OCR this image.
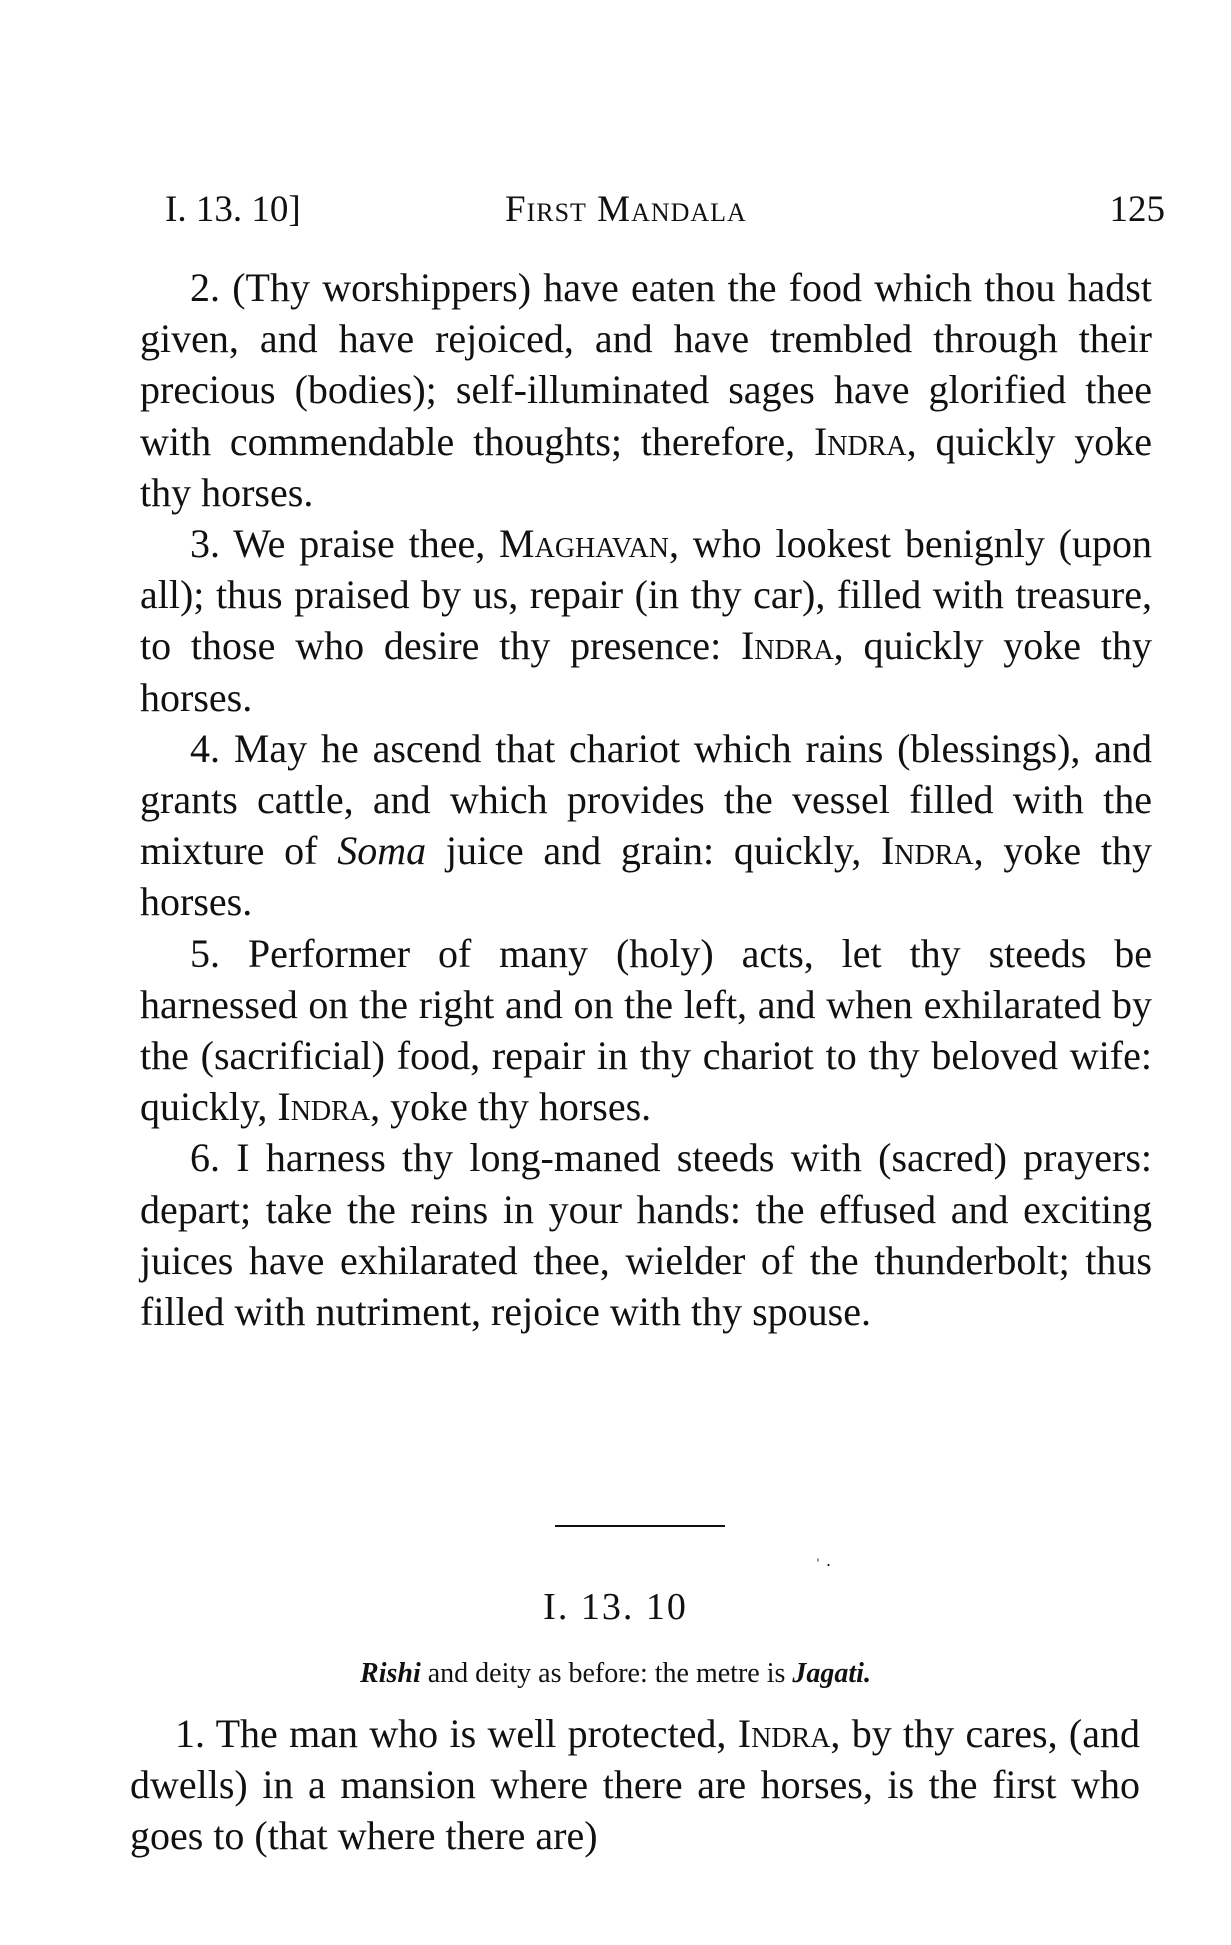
I. 13. 10]	First Mandala	125

2. (Thy worshippers) have eaten the food which thou hadst given, and have rejoiced, and have trembled through their precious (bodies); self-illuminated sages have glorified thee with commendable thoughts; therefore, Indra, quickly yoke thy horses.

3. We praise thee, Maghavan, who lookest benignly (upon all); thus praised by us, repair (in thy car), filled with treasure, to those who desire thy presence: Indra, quickly yoke thy horses.

4. May he ascend that chariot which rains (blessings), and grants cattle, and which provides the vessel filled with the mixture of Soma juice and grain: quickly, Indra, yoke thy horses.

5. Performer of many (holy) acts, let thy steeds be harnessed on the right and on the left, and when exhilarated by the (sacrificial) food, repair in thy chariot to thy beloved wife: quickly, Indra, yoke thy horses.

6. I harness thy long-maned steeds with (sacred) prayers: depart; take the reins in your hands: the effused and exciting juices have exhilarated thee, wielder of the thunderbolt; thus filled with nutriment, rejoice with thy spouse.

ˈ ·
I. 13. 10
Rishi and deity as before: the metre is Jagati.

1. The man who is well protected, Indra, by thy cares, (and dwells) in a mansion where there are horses, is the first who goes to (that where there are)
